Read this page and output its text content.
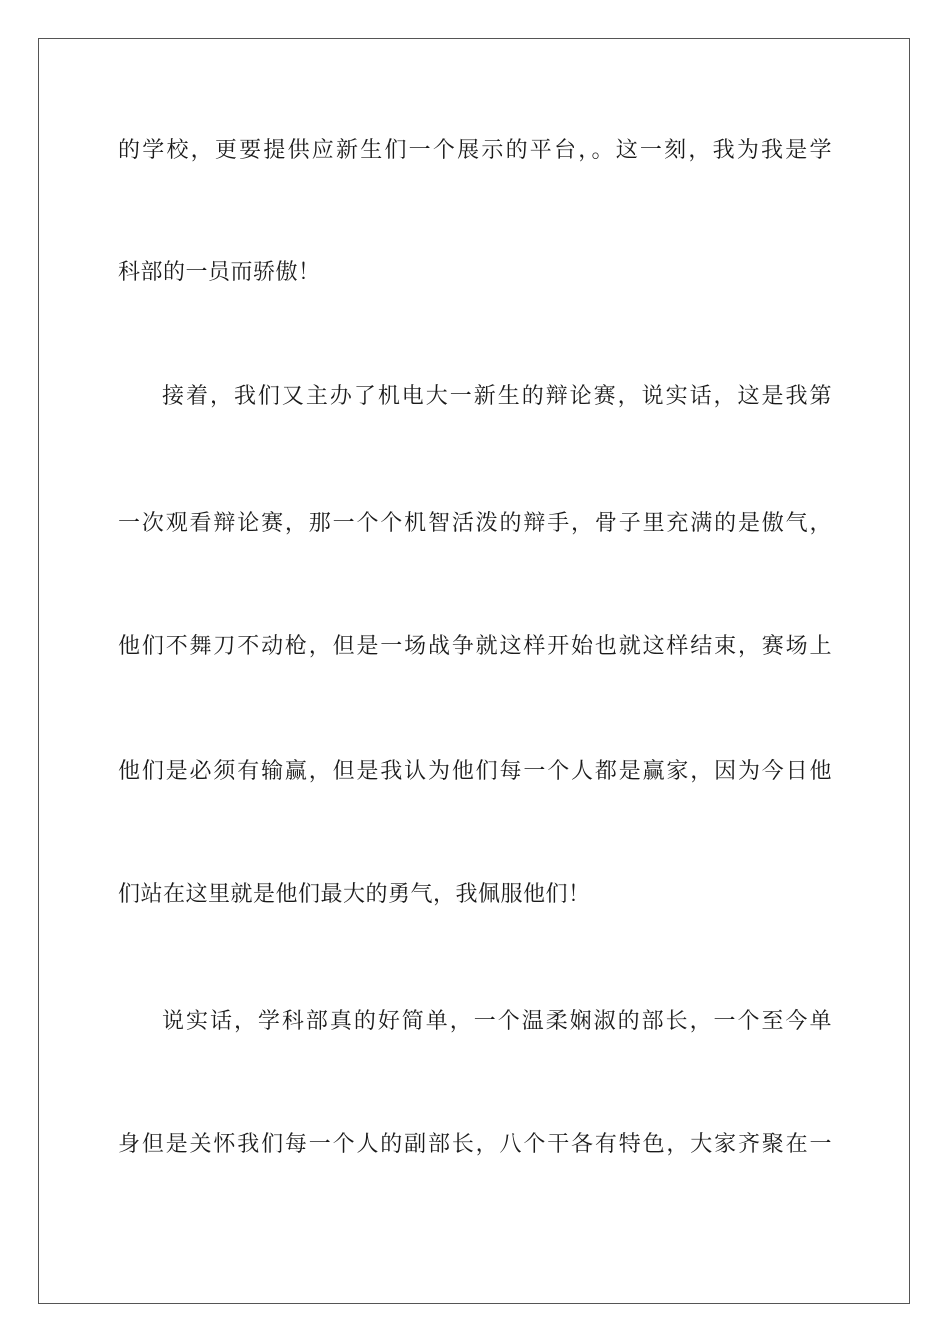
的学校，更要提供应新生们一个展示的平台，。这一刻，我为我是学
科部的一员而骄傲！
接着，我们又主办了机电大一新生的辩论赛，说实话，这是我第
一次观看辩论赛，那一个个机智活泼的辩手，骨子里充满的是傲气，
他们不舞刀不动枪，但是一场战争就这样开始也就这样结束，赛场上
他们是必须有输赢，但是我认为他们每一个人都是赢家，因为今日他
们站在这里就是他们最大的勇气，我佩服他们！
说实话，学科部真的好简单，一个温柔娴淑的部长，一个至今单
身但是关怀我们每一个人的副部长，八个干各有特色，大家齐聚在一
